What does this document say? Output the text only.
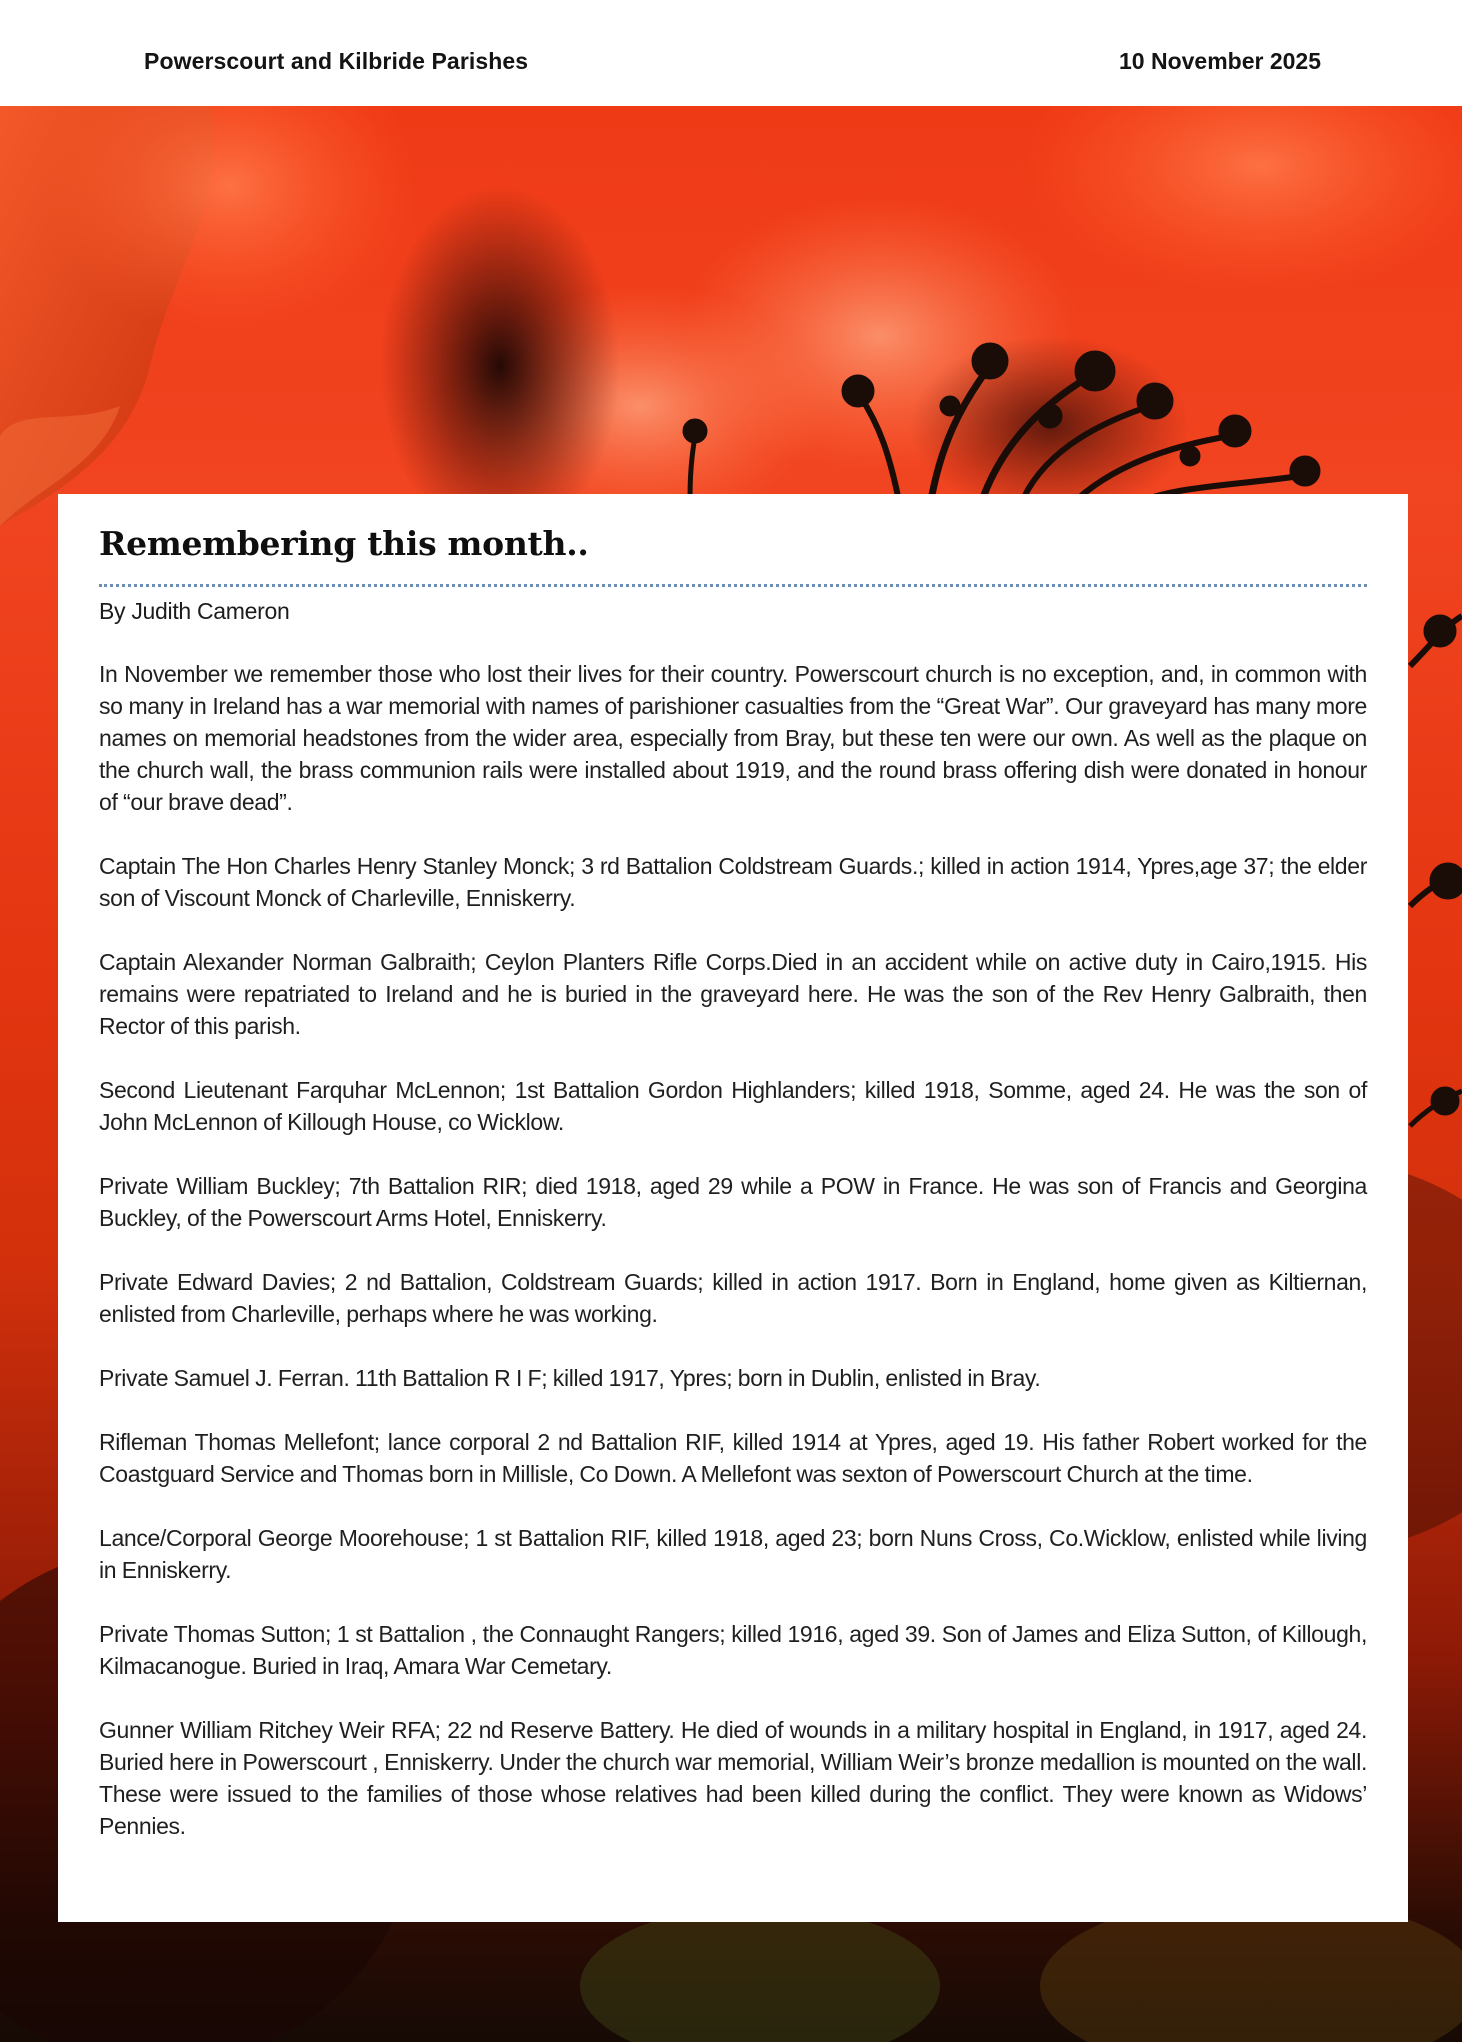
Powerscourt and Kilbride Parishes	10 November 2025
Remembering this month..
By Judith Cameron

In November we remember those who lost their lives for their country. Powerscourt church is no exception, and, in common with so many in Ireland has a war memorial with names of parishioner casualties from the “Great War”. Our graveyard has many more names on memorial headstones from the wider area, especially from Bray, but these ten were our own. As well as the plaque on the church wall, the brass communion rails were installed about 1919, and the round brass offering dish were donated in honour of “our brave dead”.

Captain The Hon Charles Henry Stanley Monck; 3 rd Battalion Coldstream Guards.; killed in action 1914, Ypres,age 37; the elder son of Viscount Monck of Charleville, Enniskerry.

Captain Alexander Norman Galbraith; Ceylon Planters Rifle Corps.Died in an accident while on active duty in Cairo,1915. His remains were repatriated to Ireland and he is buried in the graveyard here. He was the son of the Rev Henry Galbraith, then Rector of this parish.

Second Lieutenant Farquhar McLennon; 1st Battalion Gordon Highlanders; killed 1918, Somme, aged 24. He was the son of John McLennon of Killough House, co Wicklow.

Private William Buckley; 7th Battalion RIR; died 1918, aged 29 while a POW in France. He was son of Francis and Georgina Buckley, of the Powerscourt Arms Hotel, Enniskerry.

Private Edward Davies; 2 nd Battalion, Coldstream Guards; killed in action 1917. Born in England, home given as Kiltiernan, enlisted from Charleville, perhaps where he was working.

Private Samuel J. Ferran. 11th Battalion R I F; killed 1917, Ypres; born in Dublin, enlisted in Bray.

Rifleman Thomas Mellefont; lance corporal 2 nd Battalion RIF, killed 1914 at Ypres, aged 19. His father Robert worked for the Coastguard Service and Thomas born in Millisle, Co Down. A Mellefont was sexton of Powerscourt Church at the time.

Lance/Corporal George Moorehouse; 1 st Battalion RIF, killed 1918, aged 23; born Nuns Cross, Co.Wicklow, enlisted while living in Enniskerry.

Private Thomas Sutton; 1 st Battalion , the Connaught Rangers; killed 1916, aged 39. Son of James and Eliza Sutton, of Killough, Kilmacanogue. Buried in Iraq, Amara War Cemetary.

Gunner William Ritchey Weir RFA; 22 nd Reserve Battery. He died of wounds in a military hospital in England, in 1917, aged 24. Buried here in Powerscourt , Enniskerry. Under the church war memorial, William Weir’s bronze medallion is mounted on the wall. These were issued to the families of those whose relatives had been killed during the conflict. They were known as Widows’ Pennies.
